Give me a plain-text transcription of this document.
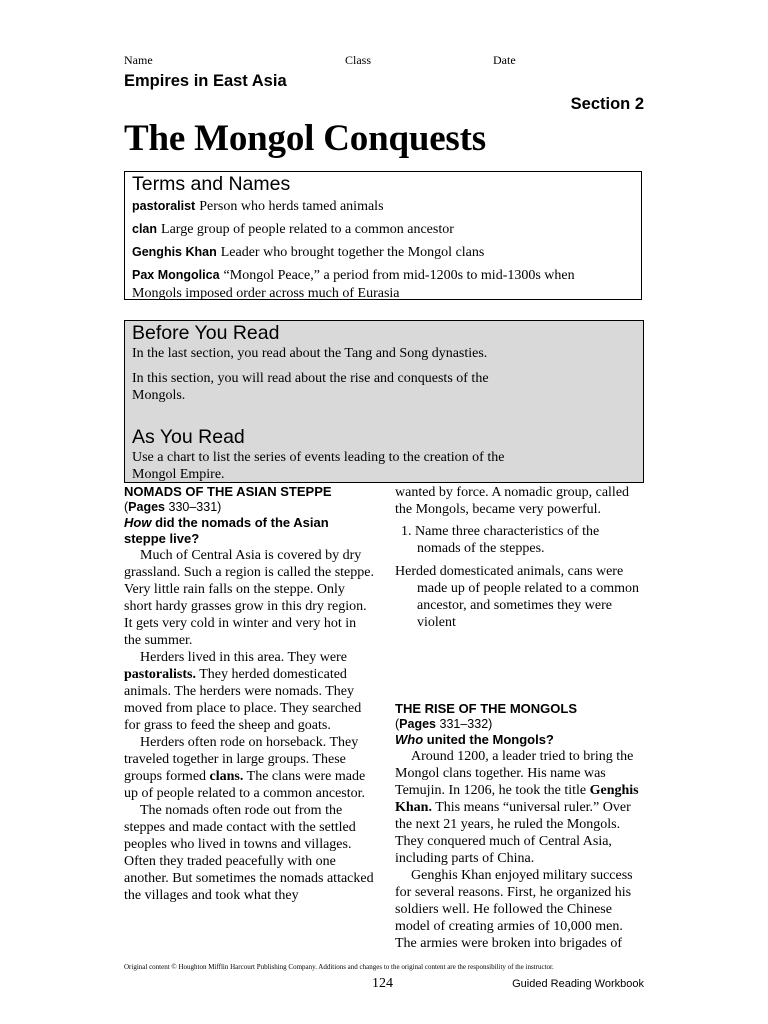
Name	Class	Date
Empires in East Asia
Section 2
The Mongol Conquests
Terms and Names
pastoralist Person who herds tamed animals
clan Large group of people related to a common ancestor
Genghis Khan Leader who brought together the Mongol clans
Pax Mongolica “Mongol Peace,” a period from mid-1200s to mid-1300s when Mongols imposed order across much of Eurasia
Before You Read
In the last section, you read about the Tang and Song dynasties.
In this section, you will read about the rise and conquests of the Mongols.
As You Read
Use a chart to list the series of events leading to the creation of the Mongol Empire.
NOMADS OF THE ASIAN STEPPE
(Pages 330–331)
How did the nomads of the Asian steppe live?

Much of Central Asia is covered by dry grassland. Such a region is called the steppe. Very little rain falls on the steppe. Only short hardy grasses grow in this dry region. It gets very cold in winter and very hot in the summer.

Herders lived in this area. They were pastoralists. They herded domesticated animals. The herders were nomads. They moved from place to place. They searched for grass to feed the sheep and goats.

Herders often rode on horseback. They traveled together in large groups. These groups formed clans. The clans were made up of people related to a common ancestor.

The nomads often rode out from the steppes and made contact with the settled peoples who lived in towns and villages. Often they traded peacefully with one another. But sometimes the nomads attacked the villages and took what they

wanted by force. A nomadic group, called the Mongols, became very powerful.

1. Name three characteristics of the nomads of the steppes.

Herded domesticated animals, cans were made up of people related to a common ancestor, and sometimes they were violent

THE RISE OF THE MONGOLS
(Pages 331–332)
Who united the Mongols?

Around 1200, a leader tried to bring the Mongol clans together. His name was Temujin. In 1206, he took the title Genghis Khan. This means “universal ruler.” Over the next 21 years, he ruled the Mongols. They conquered much of Central Asia, including parts of China.

Genghis Khan enjoyed military success for several reasons. First, he organized his soldiers well. He followed the Chinese model of creating armies of 10,000 men. The armies were broken into brigades of

Original content © Houghton Mifflin Harcourt Publishing Company. Additions and changes to the original content are the responsibility of the instructor.
124	Guided Reading Workbook
